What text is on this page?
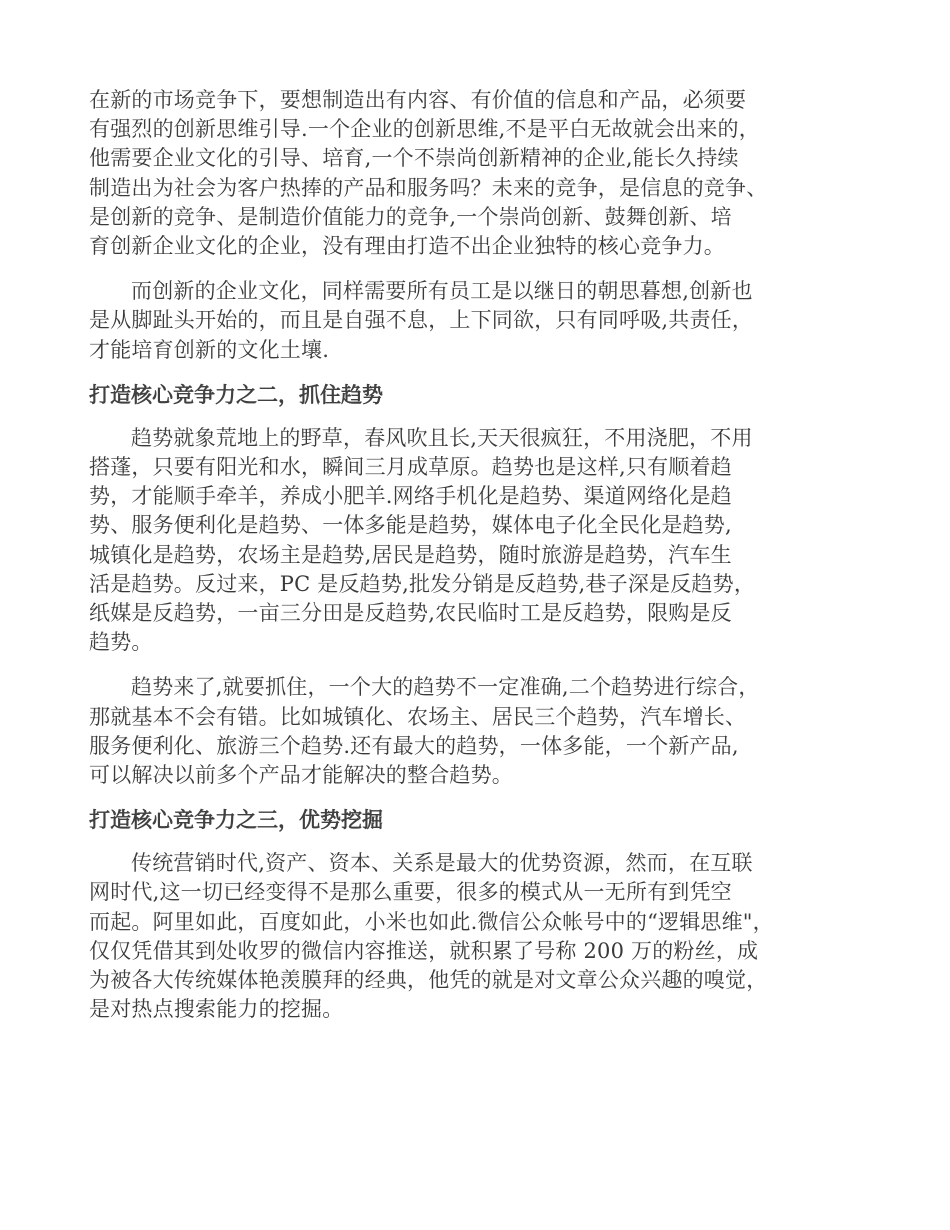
在新的市场竞争下，要想制造出有内容、有价值的信息和产品，必须要
有强烈的创新思维引导.一个企业的创新思维,不是平白无故就会出来的，
他需要企业文化的引导、培育,一个不崇尚创新精神的企业,能长久持续
制造出为社会为客户热捧的产品和服务吗？未来的竞争，是信息的竞争、
是创新的竞争、是制造价值能力的竞争,一个崇尚创新、鼓舞创新、培
育创新企业文化的企业，没有理由打造不出企业独特的核心竞争力。

而创新的企业文化，同样需要所有员工是以继日的朝思暮想,创新也
是从脚趾头开始的，而且是自强不息，上下同欲，只有同呼吸,共责任，
才能培育创新的文化土壤.

打造核心竞争力之二，抓住趋势

趋势就象荒地上的野草，春风吹且长,天天很疯狂，不用浇肥，不用
搭蓬，只要有阳光和水，瞬间三月成草原。趋势也是这样,只有顺着趋
势，才能顺手牵羊，养成小肥羊.网络手机化是趋势、渠道网络化是趋
势、服务便利化是趋势、一体多能是趋势，媒体电子化全民化是趋势,
城镇化是趋势，农场主是趋势,居民是趋势，随时旅游是趋势，汽车生
活是趋势。反过来，PC 是反趋势,批发分销是反趋势,巷子深是反趋势，
纸媒是反趋势，一亩三分田是反趋势,农民临时工是反趋势，限购是反
趋势。

趋势来了,就要抓住，一个大的趋势不一定准确,二个趋势进行综合，
那就基本不会有错。比如城镇化、农场主、居民三个趋势，汽车增长、
服务便利化、旅游三个趋势.还有最大的趋势，一体多能，一个新产品,
可以解决以前多个产品才能解决的整合趋势。

打造核心竞争力之三，优势挖掘

传统营销时代,资产、资本、关系是最大的优势资源，然而，在互联
网时代,这一切已经变得不是那么重要，很多的模式从一无所有到凭空
而起。阿里如此，百度如此，小米也如此.微信公众帐号中的“逻辑思维"，
仅仅凭借其到处收罗的微信内容推送，就积累了号称 200 万的粉丝，成
为被各大传统媒体艳羡膜拜的经典，他凭的就是对文章公众兴趣的嗅觉，
是对热点搜索能力的挖掘。
